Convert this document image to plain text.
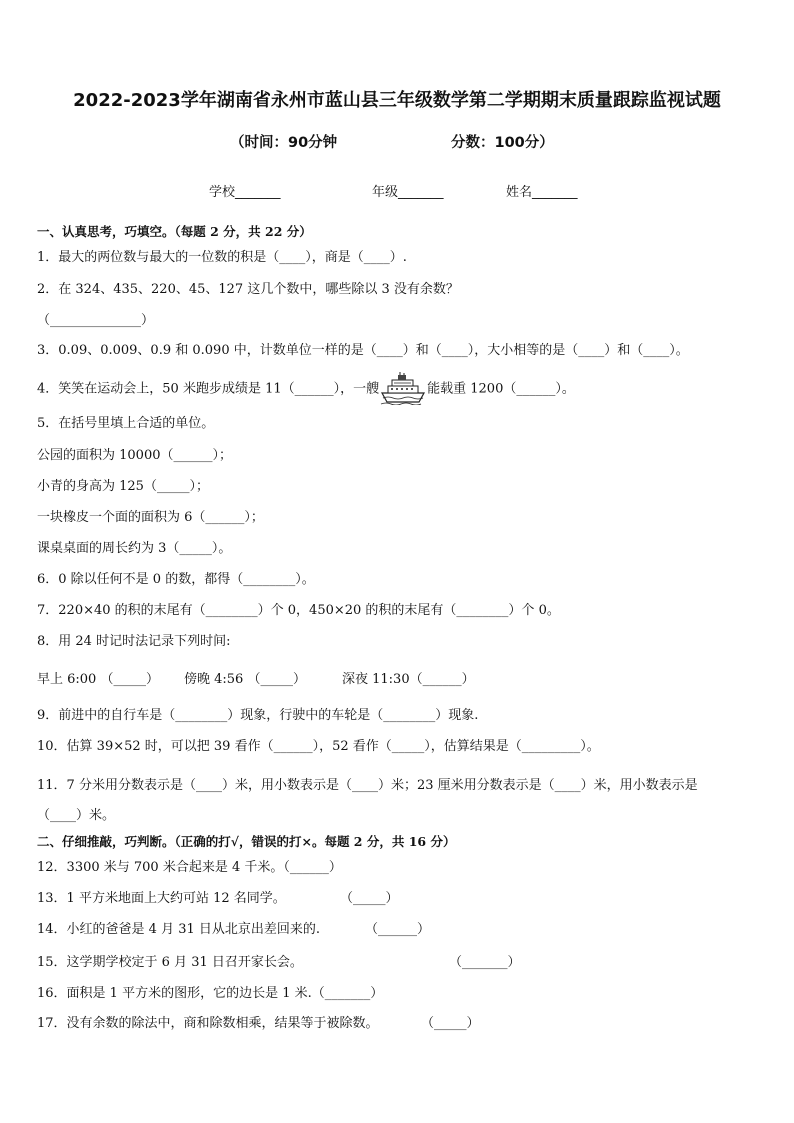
2022-2023学年湖南省永州市蓝山县三年级数学第二学期期末质量跟踪监视试题
（时间：90分钟	分数：100分）
学校_______	年级_______	姓名_______
一、认真思考，巧填空。（每题 2 分，共 22 分）
1．最大的两位数与最大的一位数的积是（____），商是（____）.
2．在 324、435、220、45、127 这几个数中，哪些除以 3 没有余数？
（______________）
3．0.09、0.009、0.9 和 0.090 中，计数单位一样的是（____）和（____），大小相等的是（____）和（____）。
4．笑笑在运动会上，50 米跑步成绩是 11（______），一艘	能载重 1200（______）。
5．在括号里填上合适的单位。
公园的面积为 10000（______）；
小青的身高为 125（_____）；
一块橡皮一个面的面积为 6（______）；
课桌桌面的周长约为 3（_____）。
6．0 除以任何不是 0 的数，都得（________）。
7．220×40 的积的末尾有（________）个 0，450×20 的积的末尾有（________）个 0。
8．用 24 时记时法记录下列时间:
早上 6:00 （_____） 傍晚 4:56 （_____）	深夜 11:30（______）
9．前进中的自行车是（________）现象，行驶中的车轮是（________）现象.
10．估算 39×52 时，可以把 39 看作（______），52 看作（_____），估算结果是（_________）。
11．7 分米用分数表示是（____）米，用小数表示是（____）米；23 厘米用分数表示是（____）米，用小数表示是
（____）米。
二、仔细推敲，巧判断。（正确的打√，错误的打×。每题 2 分，共 16 分）
12．3300 米与 700 米合起来是 4 千米。（______）
13．1 平方米地面上大约可站 12 名同学。	（_____）
14．小红的爸爸是 4 月 31 日从北京出差回来的.	（______）
15．这学期学校定于 6 月 31 日召开家长会。	（_______）
16．面积是 1 平方米的图形，它的边长是 1 米.（_______）
17．没有余数的除法中，商和除数相乘，结果等于被除数。	（_____）
